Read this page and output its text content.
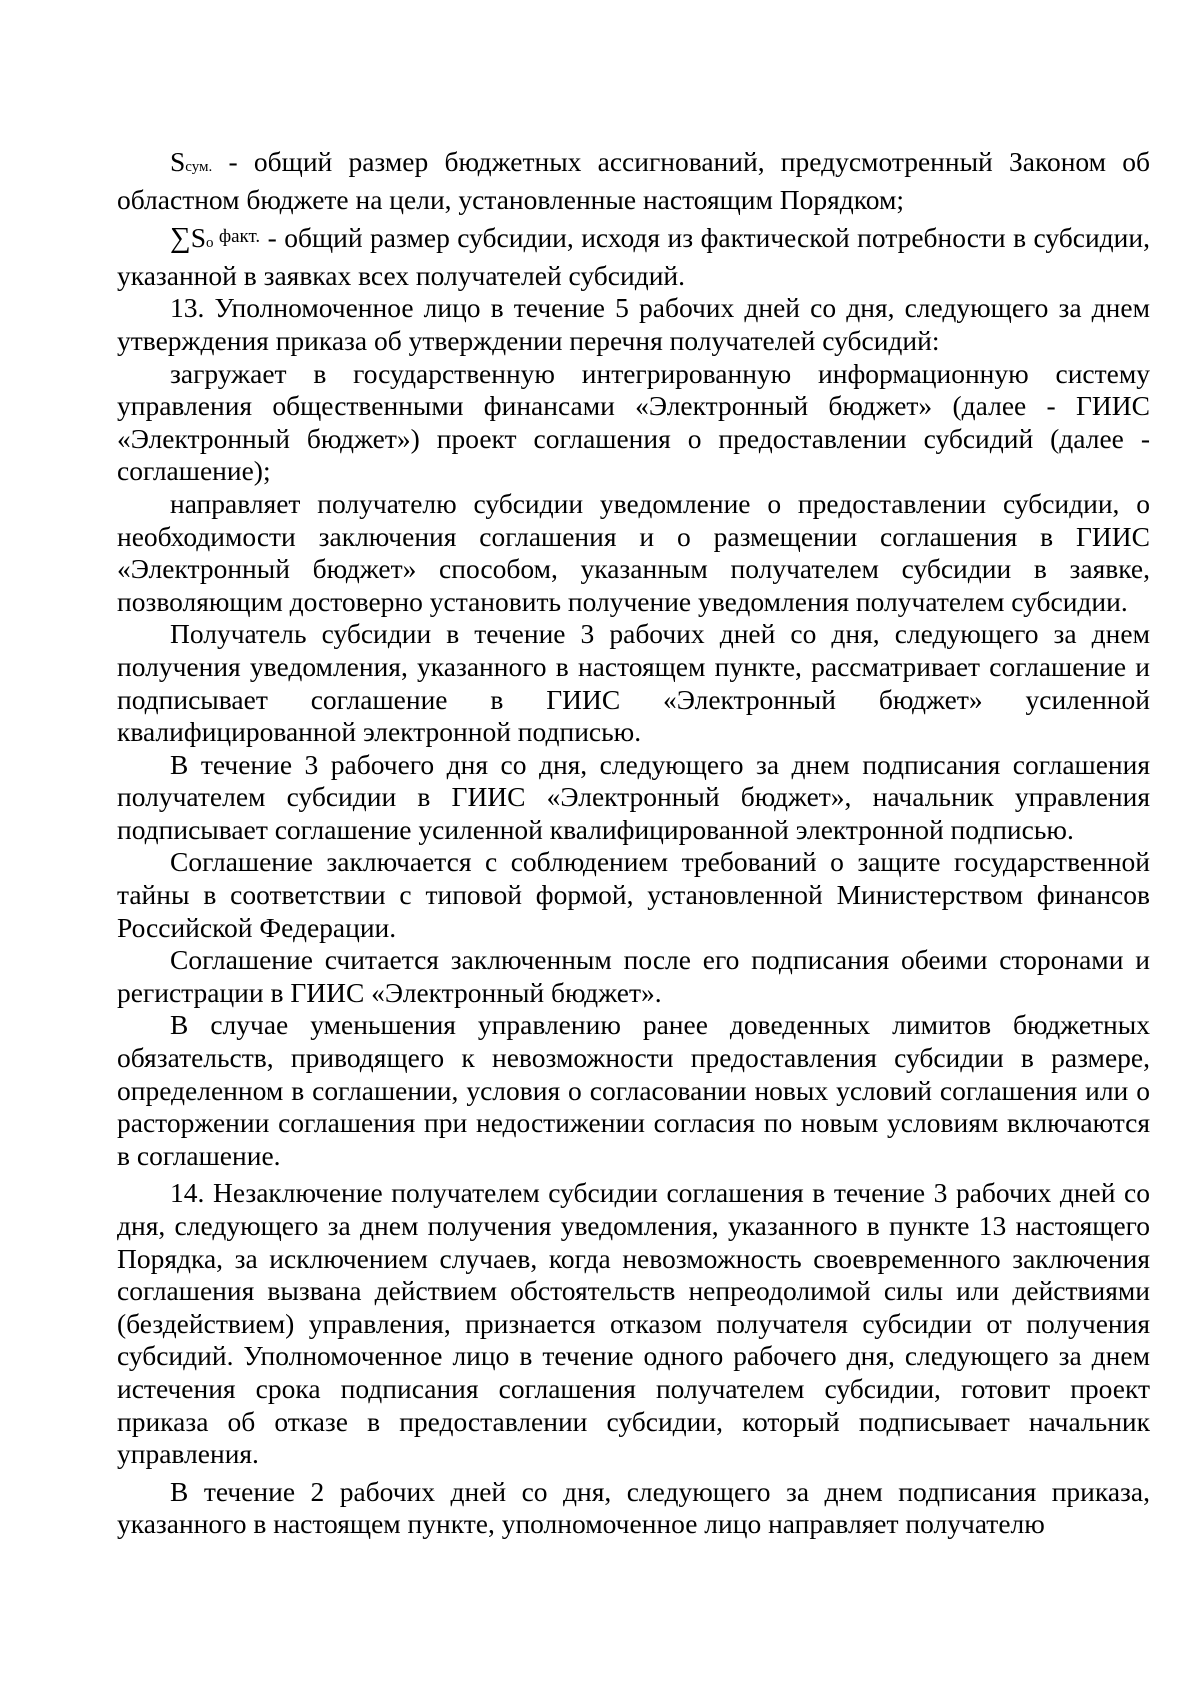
Sсум. - общий размер бюджетных ассигнований, предусмотренный Законом об областном бюджете на цели, установленные настоящим Порядком;

∑Sо факт. - общий размер субсидии, исходя из фактической потребности в субсидии, указанной в заявках всех получателей субсидий.

13. Уполномоченное лицо в течение 5 рабочих дней со дня, следующего за днем утверждения приказа об утверждении перечня получателей субсидий:

загружает в государственную интегрированную информационную систему управления общественными финансами «Электронный бюджет» (далее - ГИИС «Электронный бюджет») проект соглашения о предоставлении субсидий (далее - соглашение);

направляет получателю субсидии уведомление о предоставлении субсидии, о необходимости заключения соглашения и о размещении соглашения в ГИИС «Электронный бюджет» способом, указанным получателем субсидии в заявке, позволяющим достоверно установить получение уведомления получателем субсидии.

Получатель субсидии в течение 3 рабочих дней со дня, следующего за днем получения уведомления, указанного в настоящем пункте, рассматривает соглашение и подписывает соглашение в ГИИС «Электронный бюджет» усиленной квалифицированной электронной подписью.

В течение 3 рабочего дня со дня, следующего за днем подписания соглашения получателем субсидии в ГИИС «Электронный бюджет», начальник управления подписывает соглашение усиленной квалифицированной электронной подписью.

Соглашение заключается с соблюдением требований о защите государственной тайны в соответствии с типовой формой, установленной Министерством финансов Российской Федерации.

Соглашение считается заключенным после его подписания обеими сторонами и регистрации в ГИИС «Электронный бюджет».

В случае уменьшения управлению ранее доведенных лимитов бюджетных обязательств, приводящего к невозможности предоставления субсидии в размере, определенном в соглашении, условия о согласовании новых условий соглашения или о расторжении соглашения при недостижении согласия по новым условиям включаются в соглашение.

14. Незаключение получателем субсидии соглашения в течение 3 рабочих дней со дня, следующего за днем получения уведомления, указанного в пункте 13 настоящего Порядка, за исключением случаев, когда невозможность своевременного заключения соглашения вызвана действием обстоятельств непреодолимой силы или действиями (бездействием) управления, признается отказом получателя субсидии от получения субсидий. Уполномоченное лицо в течение одного рабочего дня, следующего за днем истечения срока подписания соглашения получателем субсидии, готовит проект приказа об отказе в предоставлении субсидии, который подписывает начальник управления.

В течение 2 рабочих дней со дня, следующего за днем подписания приказа, указанного в настоящем пункте, уполномоченное лицо направляет получателю
